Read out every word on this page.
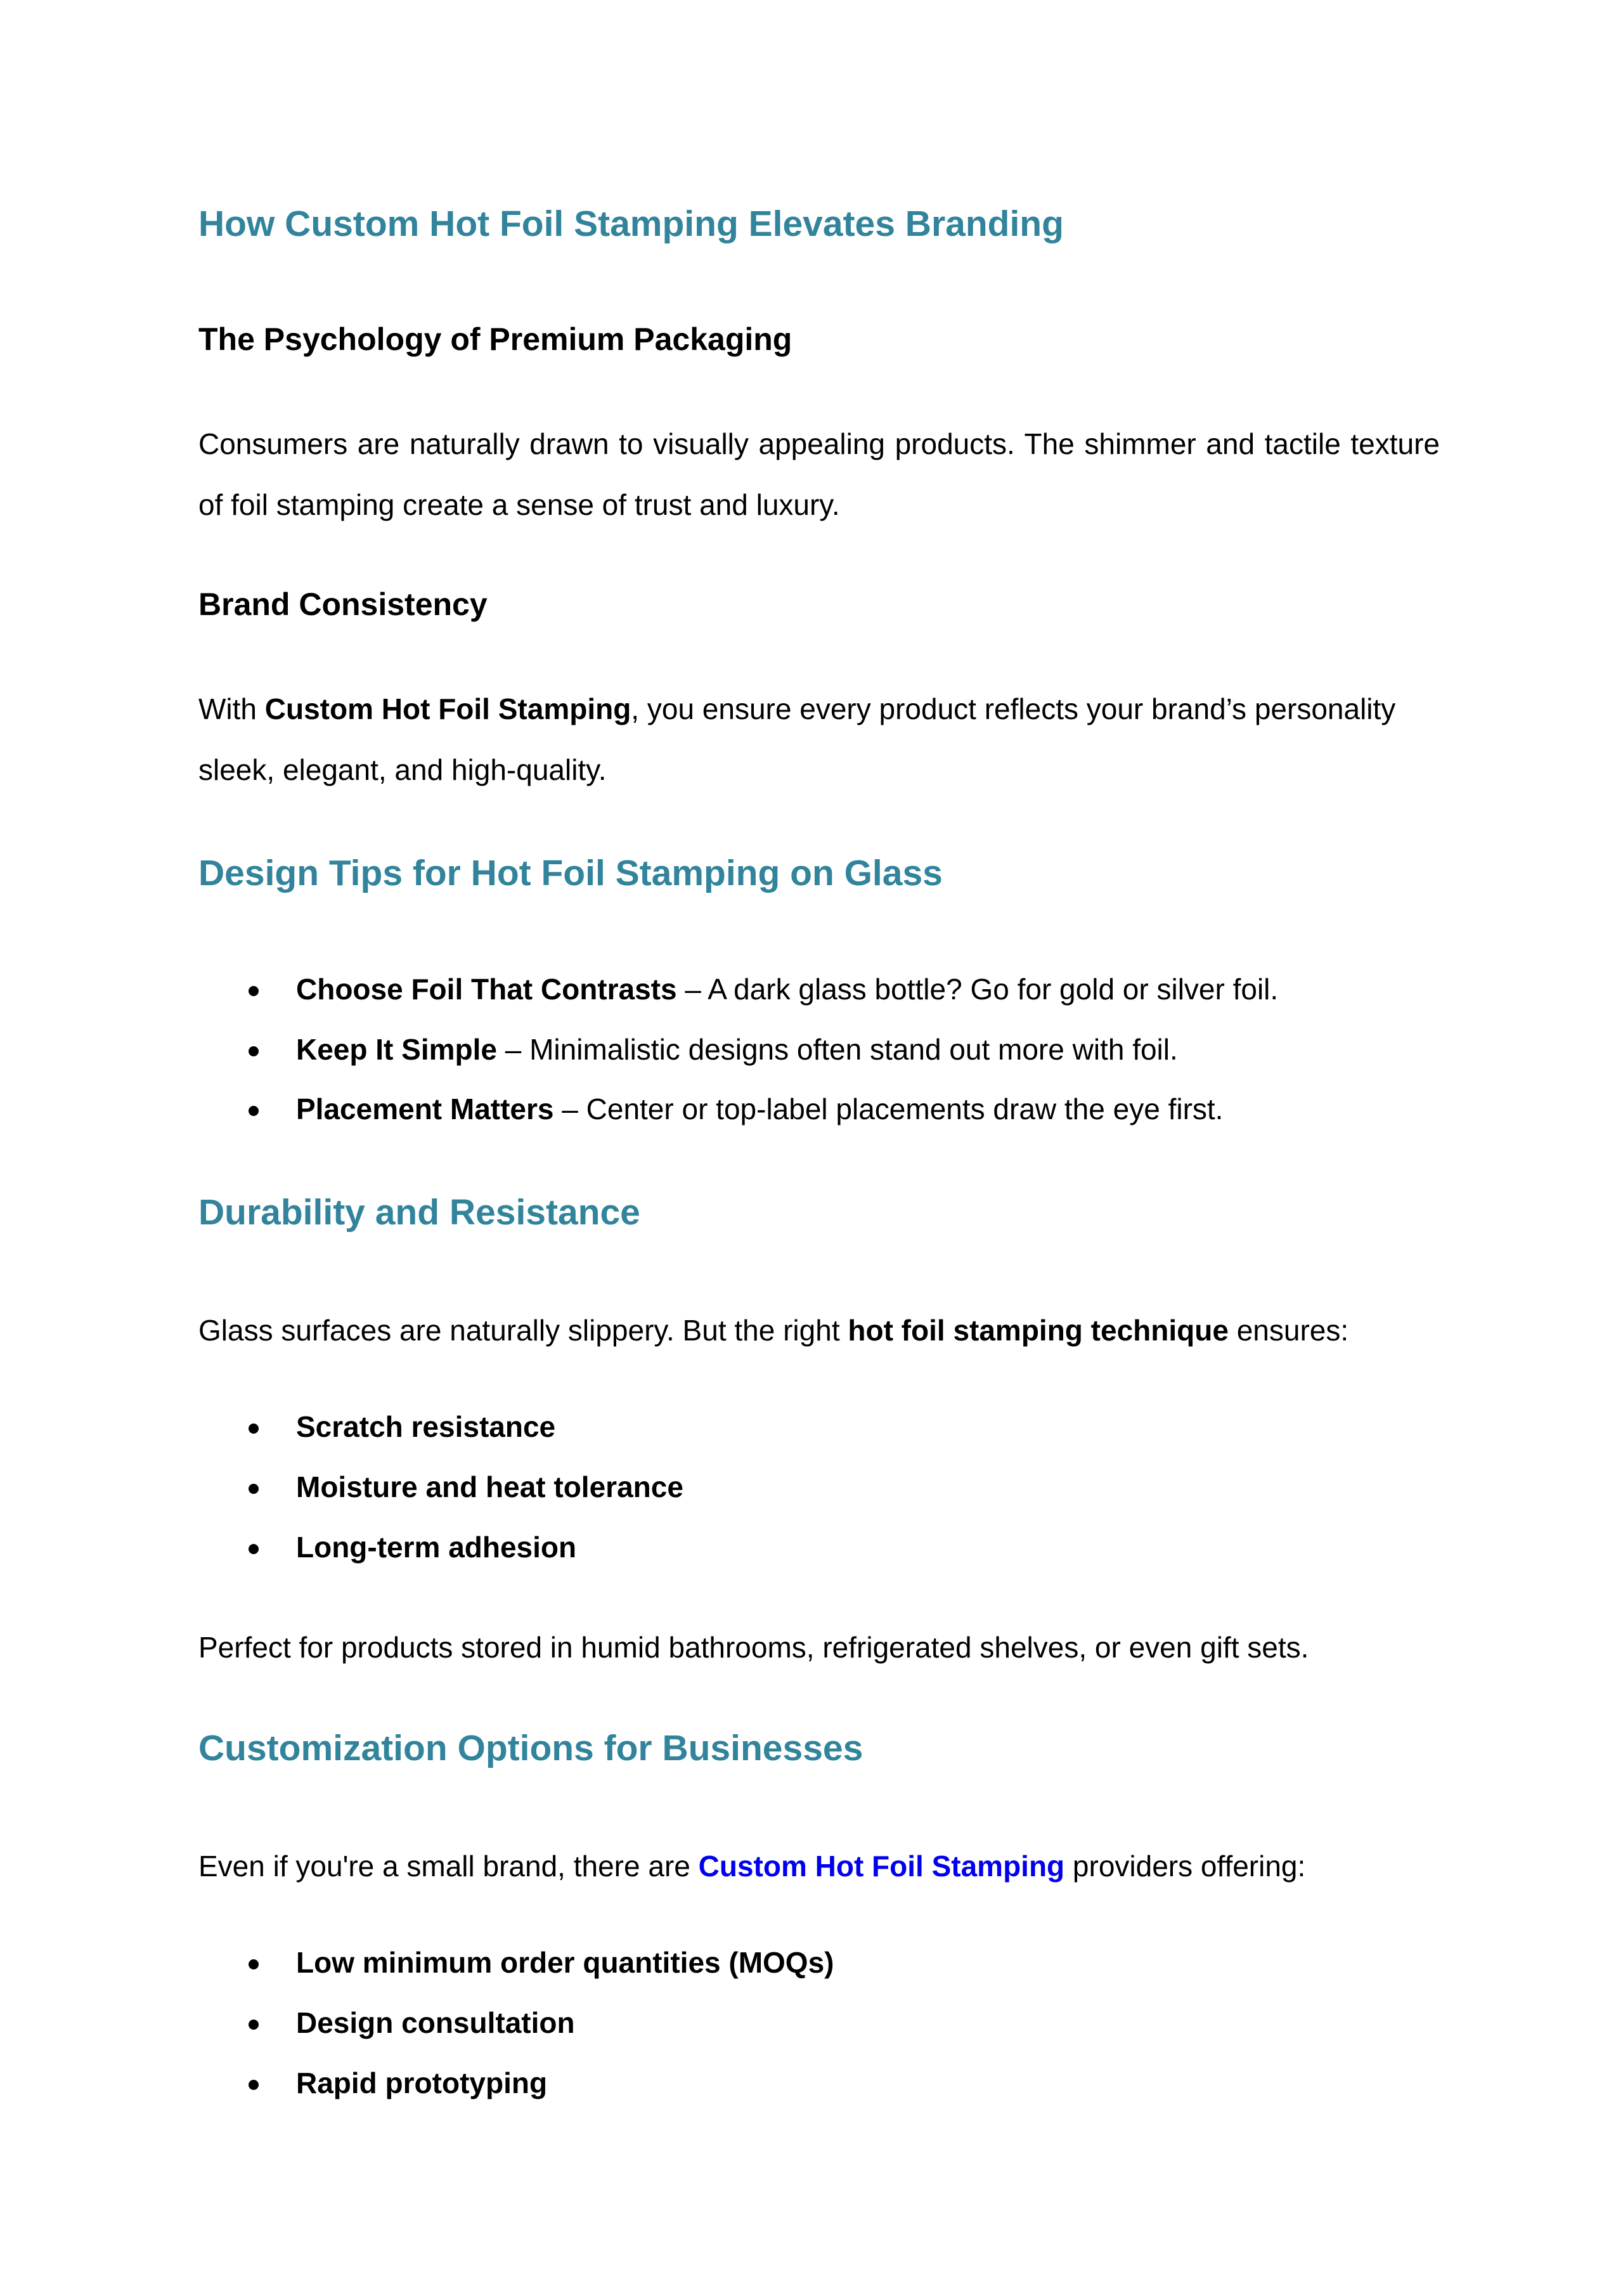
How Custom Hot Foil Stamping Elevates Branding
The Psychology of Premium Packaging

Consumers are naturally drawn to visually appealing products. The shimmer and tactile texture of foil stamping create a sense of trust and luxury.

Brand Consistency

With Custom Hot Foil Stamping, you ensure every product reflects your brand’s personality
sleek, elegant, and high-quality.

Design Tips for Hot Foil Stamping on Glass
Choose Foil That Contrasts – A dark glass bottle? Go for gold or silver foil.
Keep It Simple – Minimalistic designs often stand out more with foil.
Placement Matters – Center or top-label placements draw the eye first.
Durability and Resistance

Glass surfaces are naturally slippery. But the right hot foil stamping technique ensures:

Scratch resistance
Moisture and heat tolerance
Long-term adhesion

Perfect for products stored in humid bathrooms, refrigerated shelves, or even gift sets.

Customization Options for Businesses

Even if you're a small brand, there are Custom Hot Foil Stamping providers offering:

Low minimum order quantities (MOQs)
Design consultation
Rapid prototyping
